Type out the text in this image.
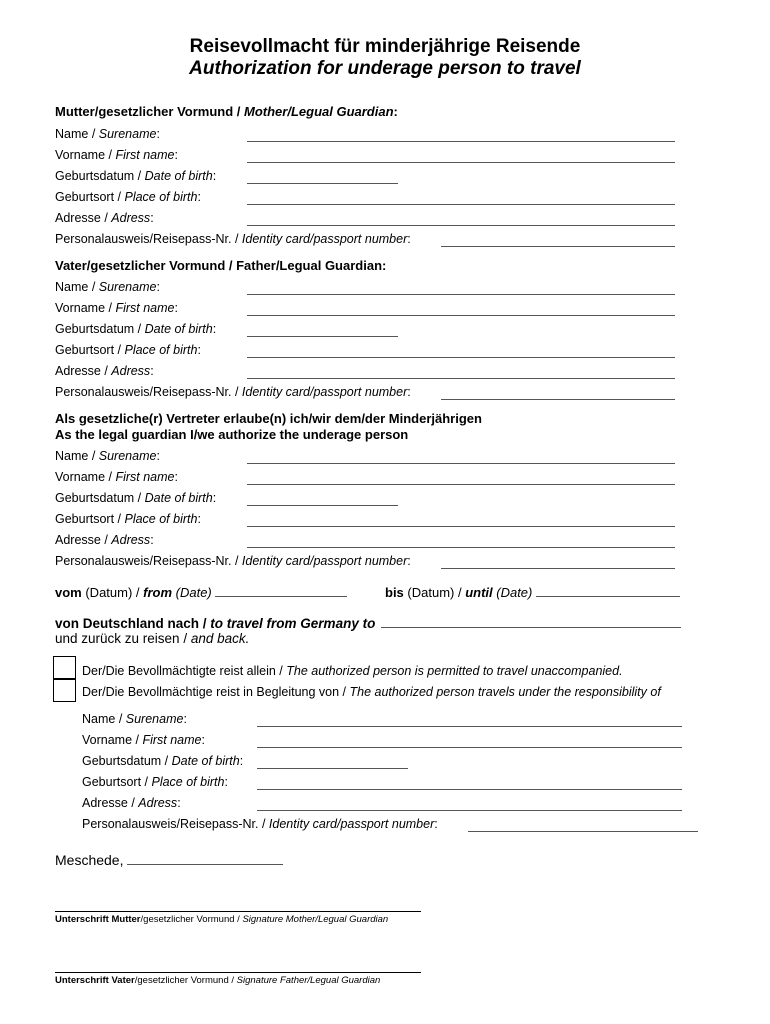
Reisevollmacht für minderjährige Reisende
Authorization for underage person to travel
Mutter/gesetzlicher Vormund / Mother/Legual Guardian:
Name / Surename:
Vorname / First name:
Geburtsdatum / Date of birth:
Geburtsort / Place of birth:
Adresse / Adress:
Personalausweis/Reisepass-Nr. / Identity card/passport number:
Vater/gesetzlicher Vormund / Father/Legual Guardian:
Name / Surename:
Vorname / First name:
Geburtsdatum / Date of birth:
Geburtsort / Place of birth:
Adresse / Adress:
Personalausweis/Reisepass-Nr. / Identity card/passport number:
Als gesetzliche(r) Vertreter erlaube(n) ich/wir dem/der Minderjährigen
As the legal guardian I/we authorize the underage person
Name / Surename:
Vorname / First name:
Geburtsdatum / Date of birth:
Geburtsort / Place of birth:
Adresse / Adress:
Personalausweis/Reisepass-Nr. / Identity card/passport number:
vom (Datum) / from (Date)	bis (Datum) / until (Date)
von Deutschland nach / to travel from Germany to
und zurück zu reisen / and back.
Der/Die Bevollmächtigte reist allein / The authorized person is permitted to travel unaccompanied.
Der/Die Bevollmächtige reist in Begleitung von / The authorized person travels under the responsibility of
Name / Surename:
Vorname / First name:
Geburtsdatum / Date of birth:
Geburtsort / Place of birth:
Adresse / Adress:
Personalausweis/Reisepass-Nr. / Identity card/passport number:
Meschede,
Unterschrift Mutter/gesetzlicher Vormund / Signature Mother/Legual Guardian
Unterschrift Vater/gesetzlicher Vormund / Signature Father/Legual Guardian
